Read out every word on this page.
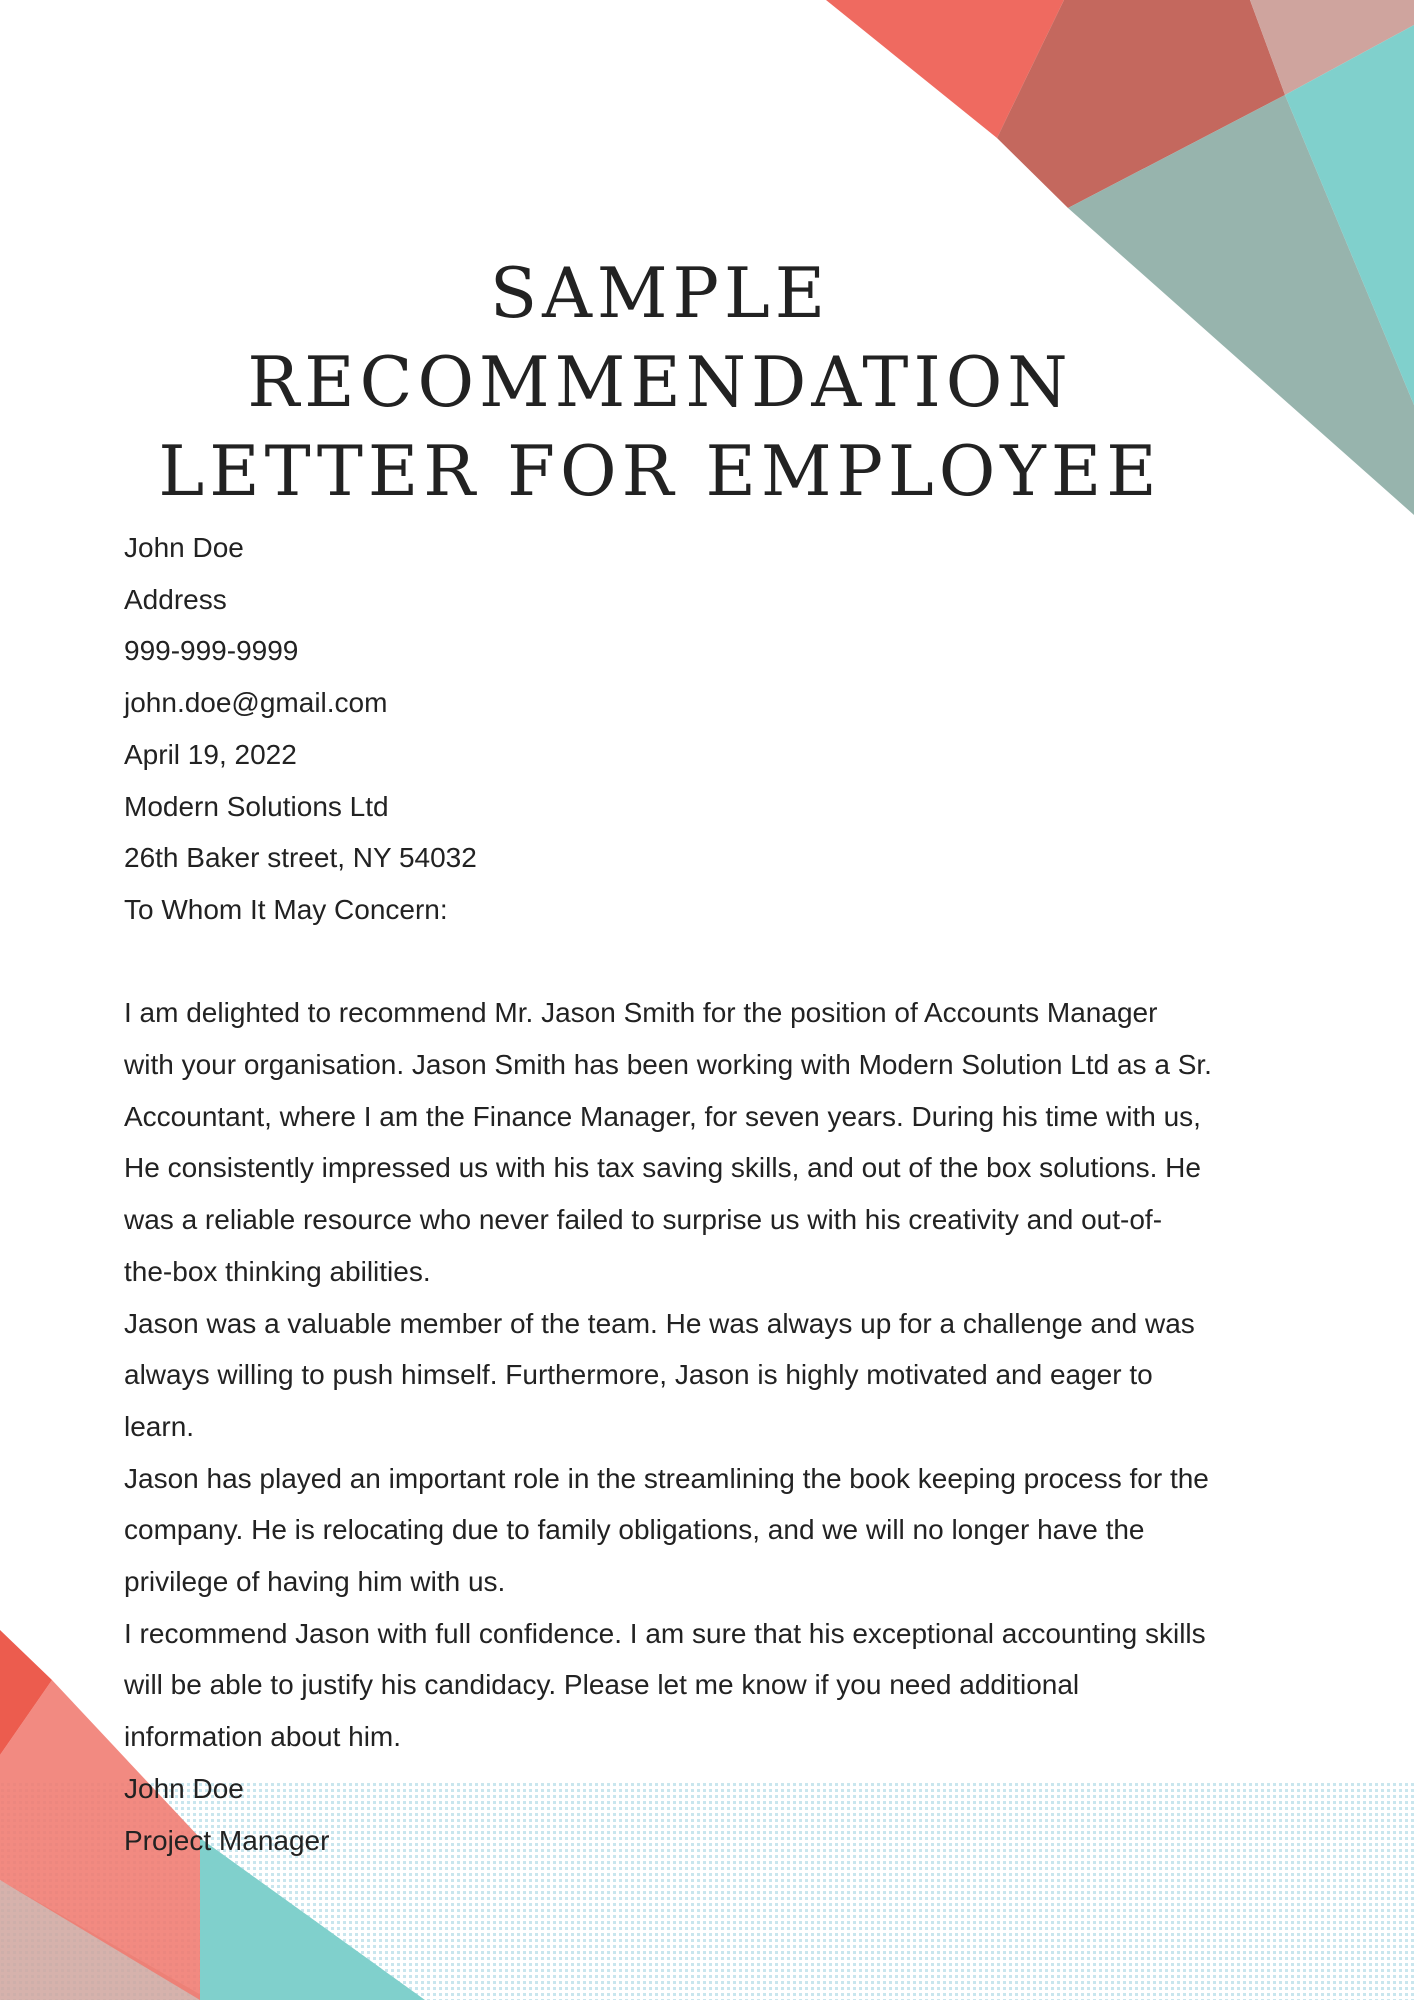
SAMPLE
RECOMMENDATION
LETTER FOR EMPLOYEE
John Doe
Address
999-999-9999
john.doe@gmail.com
April 19, 2022
Modern Solutions Ltd
26th Baker street, NY 54032
To Whom It May Concern:
I am delighted to recommend Mr. Jason Smith for the position of Accounts Manager
with your organisation. Jason Smith has been working with Modern Solution Ltd as a Sr.
Accountant, where I am the Finance Manager, for seven years. During his time with us,
He consistently impressed us with his tax saving skills, and out of the box solutions. He
was a reliable resource who never failed to surprise us with his creativity and out-of-
the-box thinking abilities.
Jason was a valuable member of the team. He was always up for a challenge and was
always willing to push himself. Furthermore, Jason is highly motivated and eager to
learn.
Jason has played an important role in the streamlining the book keeping process for the
company. He is relocating due to family obligations, and we will no longer have the
privilege of having him with us.
I recommend Jason with full confidence. I am sure that his exceptional accounting skills
will be able to justify his candidacy. Please let me know if you need additional
information about him.
John Doe
Project Manager
